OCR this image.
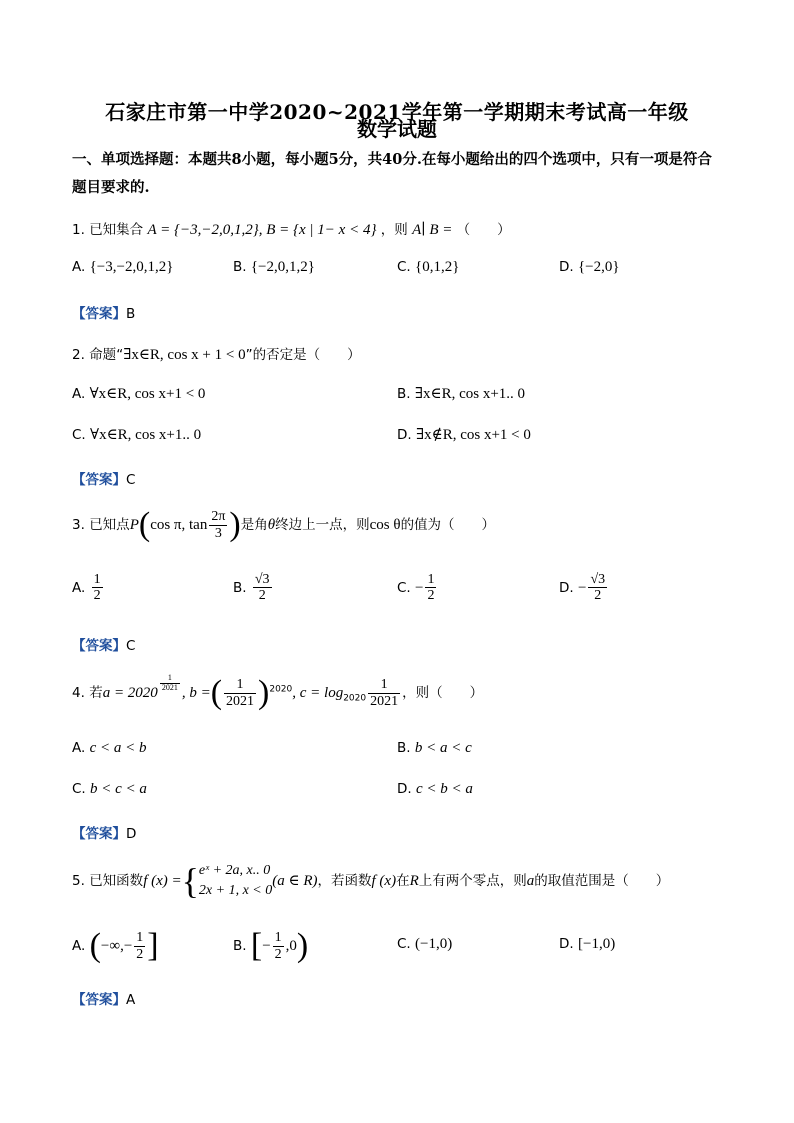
石家庄市第一中学2020~2021学年第一学期期末考试高一年级
数学试题
一、单项选择题：本题共8小题，每小题5分，共40分.在每小题给出的四个选项中，只有一项是符合题目要求的.
1. 已知集合 A = {−3,−2,0,1,2}, B = {x | 1− x < 4} ，则 A∣ B = （　　）
A. {−3,−2,0,1,2}	B. {−2,0,1,2}	C. {0,1,2}	D. {−2,0}
【答案】B
2. 命题“∃x∈R, cos x + 1 < 0”的否定是（　　）
A. ∀x∈R, cos x+1 < 0	B. ∃x∈R, cos x+1.. 0
C. ∀x∈R, cos x+1.. 0	D. ∃x∉R, cos x+1 < 0
【答案】C
3. 已知点P(cos π, $\tan \frac{2\pi}{3}$ )是角θ终边上一点，则cos θ的值为（　　）
A. $\frac{1}{2}$	B. $\frac{√3}{2}$	C. − $\frac{1}{2}$	D. − $\frac{√3}{2}$
【答案】C
4. 若a = 2020
$\frac{1}{2021}$
, b =( $\frac{1}{2021} )^{2020}$, $c = \log_{2020} \frac{1}{2021}$ ，则（　　）
A. c < a < b	B. b < a < c
C. b < c < a	D. c < b < a
【答案】D
5. 已知函数f (x) ={ eˣ + 2a, x.. 0
2x + 1, x < 0
(a ∈ R)，若函数f (x)在R上有两个零点，则a的取值范围是（　　）
A. (−∞,− $\frac{1}{2}$ ]	B. [− $\frac{1}{2} ,0$)	C. (−1,0)	D. [−1,0)
【答案】A
